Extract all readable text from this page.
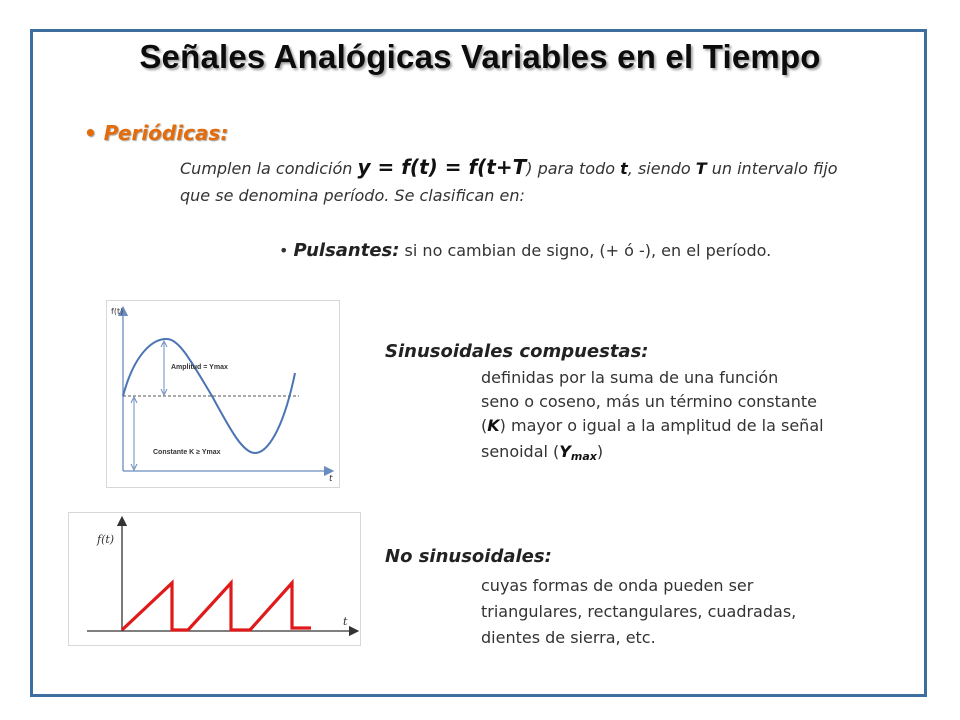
Señales Analógicas Variables en el Tiempo
• Periódicas:
Cumplen la condición y = f(t) = f(t+T) para todo t, siendo T un intervalo fijo
que se denomina período. Se clasifican en:
• Pulsantes: si no cambian de signo, (+ ó -), en el período.
f(t)
t
Amplitud = Ymax
Constante K ≥ Ymax
Sinusoidales compuestas:
definidas por la suma de una función
seno o coseno, más un término constante
(K) mayor o igual a la amplitud de la señal
senoidal $(Y_{max})$
f(t)
t
No sinusoidales:
cuyas formas de onda pueden ser
triangulares, rectangulares, cuadradas,
dientes de sierra, etc.
